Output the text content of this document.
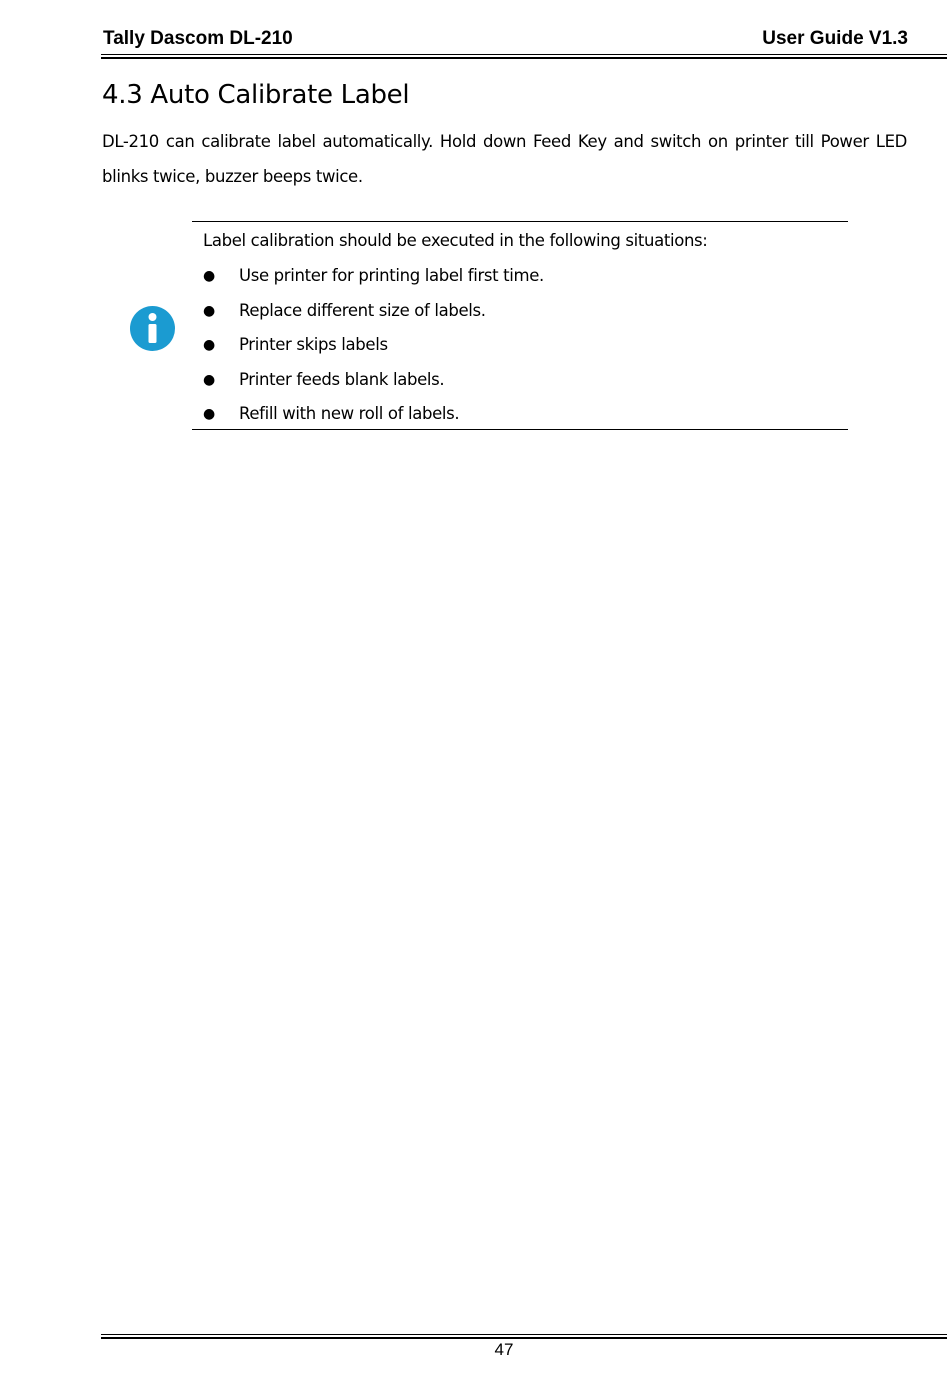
Tally Dascom DL-210	User Guide V1.3
4.3 Auto Calibrate Label

DL-210 can calibrate label automatically. Hold down Feed Key and switch on printer till Power LED blinks twice, buzzer beeps twice.

Label calibration should be executed in the following situations:
● Use printer for printing label first time.
● Replace different size of labels.
● Printer skips labels
● Printer feeds blank labels.
● Refill with new roll of labels.
47
